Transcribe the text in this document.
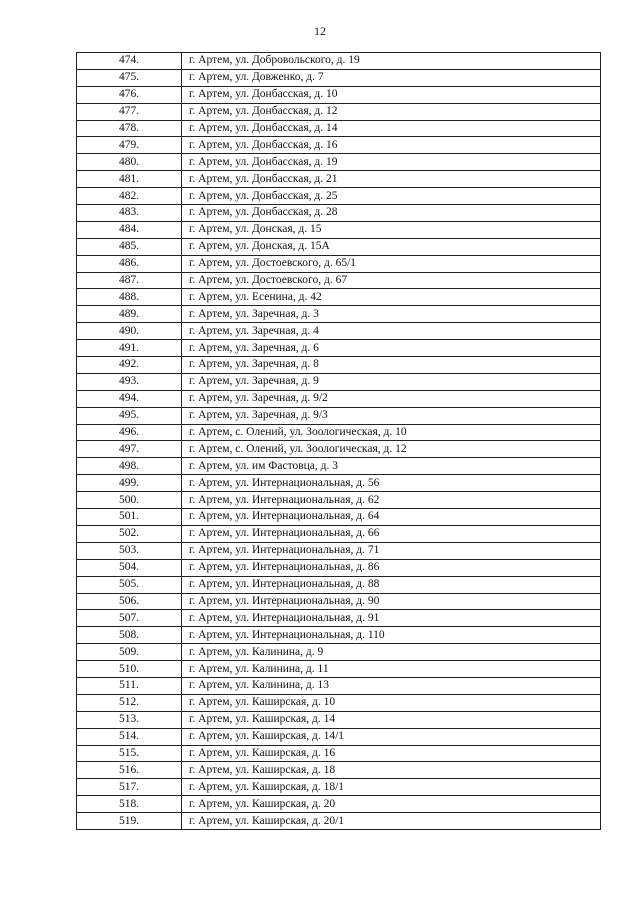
12
474.	г. Артем, ул. Добровольского, д. 19
475.	г. Артем, ул. Довженко, д. 7
476.	г. Артем, ул. Донбасская, д. 10
477.	г. Артем, ул. Донбасская, д. 12
478.	г. Артем, ул. Донбасская, д. 14
479.	г. Артем, ул. Донбасская, д. 16
480.	г. Артем, ул. Донбасская, д. 19
481.	г. Артем, ул. Донбасская, д. 21
482.	г. Артем, ул. Донбасская, д. 25
483.	г. Артем, ул. Донбасская, д. 28
484.	г. Артем, ул. Донская, д. 15
485.	г. Артем, ул. Донская, д. 15А
486.	г. Артем, ул. Достоевского, д. 65/1
487.	г. Артем, ул. Достоевского, д. 67
488.	г. Артем, ул. Есенина, д. 42
489.	г. Артем, ул. Заречная, д. 3
490.	г. Артем, ул. Заречная, д. 4
491.	г. Артем, ул. Заречная, д. 6
492.	г. Артем, ул. Заречная, д. 8
493.	г. Артем, ул. Заречная, д. 9
494.	г. Артем, ул. Заречная, д. 9/2
495.	г. Артем, ул. Заречная, д. 9/3
496.	г. Артем, с. Олений, ул. Зоологическая, д. 10
497.	г. Артем, с. Олений, ул. Зоологическая, д. 12
498.	г. Артем, ул. им Фастовца, д. 3
499.	г. Артем, ул. Интернациональная, д. 56
500.	г. Артем, ул. Интернациональная, д. 62
501.	г. Артем, ул. Интернациональная, д. 64
502.	г. Артем, ул. Интернациональная, д. 66
503.	г. Артем, ул. Интернациональная, д. 71
504.	г. Артем, ул. Интернациональная, д. 86
505.	г. Артем, ул. Интернациональная, д. 88
506.	г. Артем, ул. Интернациональная, д. 90
507.	г. Артем, ул. Интернациональная, д. 91
508.	г. Артем, ул. Интернациональная, д. 110
509.	г. Артем, ул. Калинина, д. 9
510.	г. Артем, ул. Калинина, д. 11
511.	г. Артем, ул. Калинина, д. 13
512.	г. Артем, ул. Каширская, д. 10
513.	г. Артем, ул. Каширская, д. 14
514.	г. Артем, ул. Каширская, д. 14/1
515.	г. Артем, ул. Каширская, д. 16
516.	г. Артем, ул. Каширская, д. 18
517.	г. Артем, ул. Каширская, д. 18/1
518.	г. Артем, ул. Каширская, д. 20
519.	г. Артем, ул. Каширская, д. 20/1
